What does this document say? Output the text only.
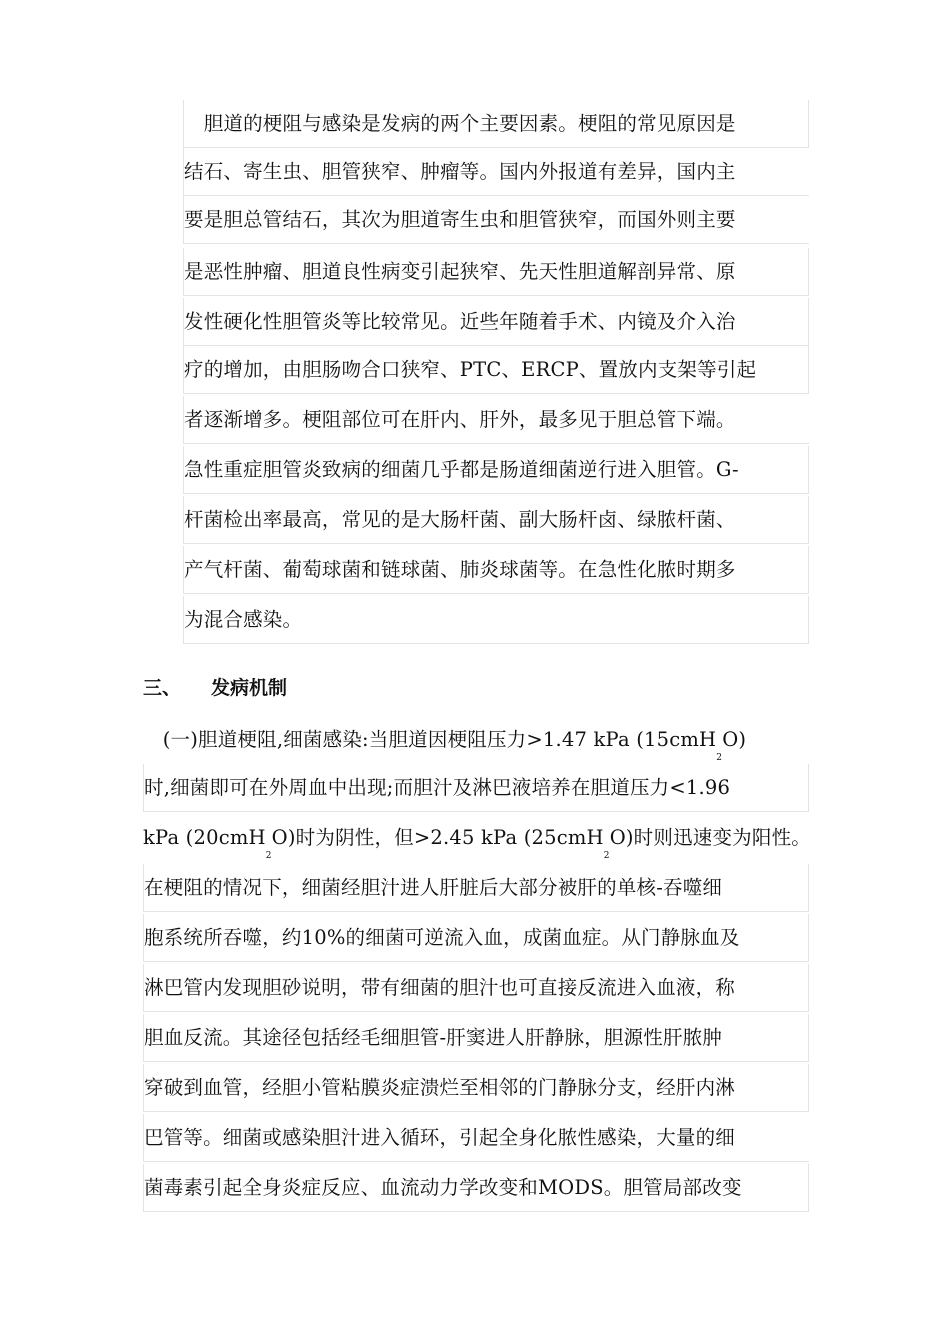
　胆道的梗阻与感染是发病的两个主要因素。梗阻的常见原因是
结石、寄生虫、胆管狭窄、肿瘤等。国内外报道有差异，国内主
要是胆总管结石，其次为胆道寄生虫和胆管狭窄，而国外则主要
是恶性肿瘤、胆道良性病变引起狭窄、先天性胆道解剖异常、原
发性硬化性胆管炎等比较常见。近些年随着手术、内镜及介入治
疗的增加，由胆肠吻合口狭窄、PTC、ERCP、置放内支架等引起
者逐渐增多。梗阻部位可在肝内、肝外，最多见于胆总管下端。
急性重症胆管炎致病的细菌几乎都是肠道细菌逆行进入胆管。G-
杆菌检出率最高，常见的是大肠杆菌、副大肠杆卤、绿脓杆菌、
产气杆菌、葡萄球菌和链球菌、肺炎球菌等。在急性化脓时期多
为混合感染。
三、 发病机制
　(一)胆道梗阻,细菌感染:当胆道因梗阻压力>1.47 kPa (15cmH$_2$O)
时,细菌即可在外周血中出现;而胆汁及淋巴液培养在胆道压力<1.96
kPa (20cmH$_2$O)时为阴性，但>2.45 kPa (25cmH$_2$O)时则迅速变为阳性。
在梗阻的情况下，细菌经胆汁进人肝脏后大部分被肝的单核-吞噬细
胞系统所吞噬，约10%的细菌可逆流入血，成菌血症。从门静脉血及
淋巴管内发现胆砂说明，带有细菌的胆汁也可直接反流进入血液，称
胆血反流。其途径包括经毛细胆管-肝窦进人肝静脉，胆源性肝脓肿
穿破到血管，经胆小管粘膜炎症溃烂至相邻的门静脉分支，经肝内淋
巴管等。细菌或感染胆汁进入循环，引起全身化脓性感染，大量的细
菌毒素引起全身炎症反应、血流动力学改变和MODS。胆管局部改变
